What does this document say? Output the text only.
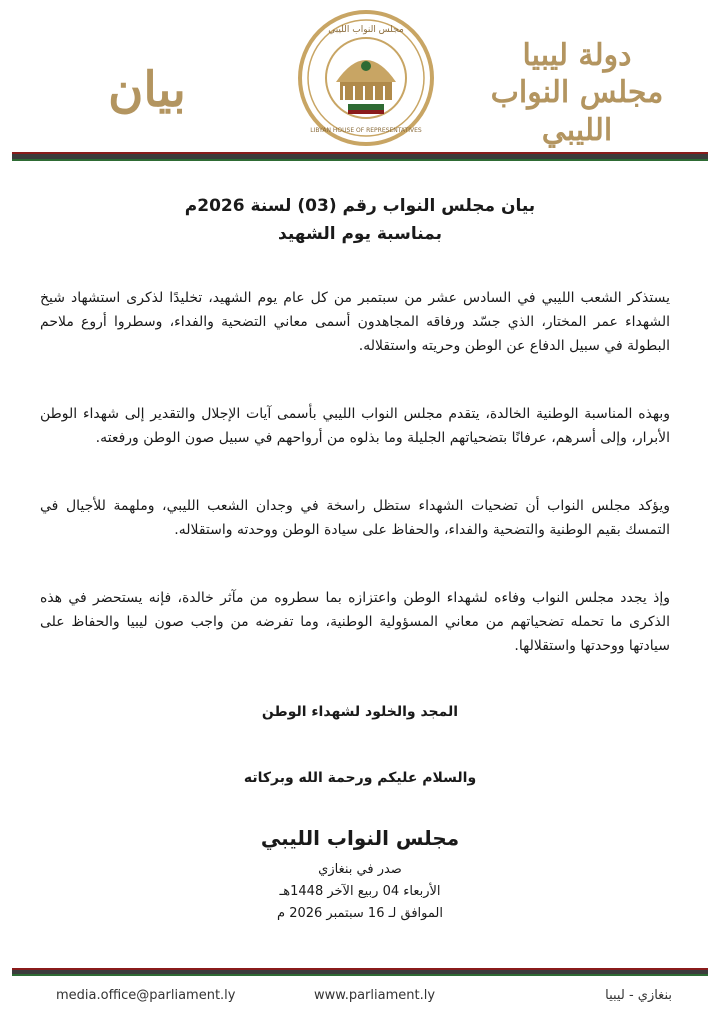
دولة ليبيا
مجلس النواب الليبي
مجلس النواب الليبي
LIBYAN HOUSE OF REPRESENTATIVES
بيان
بيان مجلس النواب رقم (03) لسنة 2026م
بمناسبة يوم الشهيد
يستذكر الشعب الليبي في السادس عشر من سبتمبر من كل عام يوم الشهيد، تخليدًا لذكرى استشهاد شيخ الشهداء عمر المختار، الذي جسّد ورفاقه المجاهدون أسمى معاني التضحية والفداء، وسطروا أروع ملاحم البطولة في سبيل الدفاع عن الوطن وحريته واستقلاله.
وبهذه المناسبة الوطنية الخالدة، يتقدم مجلس النواب الليبي بأسمى آيات الإجلال والتقدير إلى شهداء الوطن الأبرار، وإلى أسرهم، عرفانًا بتضحياتهم الجليلة وما بذلوه من أرواحهم في سبيل صون الوطن ورفعته.
ويؤكد مجلس النواب أن تضحيات الشهداء ستظل راسخة في وجدان الشعب الليبي، وملهمة للأجيال في التمسك بقيم الوطنية والتضحية والفداء، والحفاظ على سيادة الوطن ووحدته واستقلاله.
وإذ يجدد مجلس النواب وفاءه لشهداء الوطن واعتزازه بما سطروه من مآثر خالدة، فإنه يستحضر في هذه الذكرى ما تحمله تضحياتهم من معاني المسؤولية الوطنية، وما تفرضه من واجب صون ليبيا والحفاظ على سيادتها ووحدتها واستقلالها.
المجد والخلود لشهداء الوطن
والسلام عليكم ورحمة الله وبركاته
مجلس النواب الليبي
صدر في بنغازي
الأربعاء 04 ربيع الآخر 1448هـ
الموافق لـ 16 سبتمبر 2026 م
media.office@parliament.ly	www.parliament.ly	بنغازي - ليبيا
